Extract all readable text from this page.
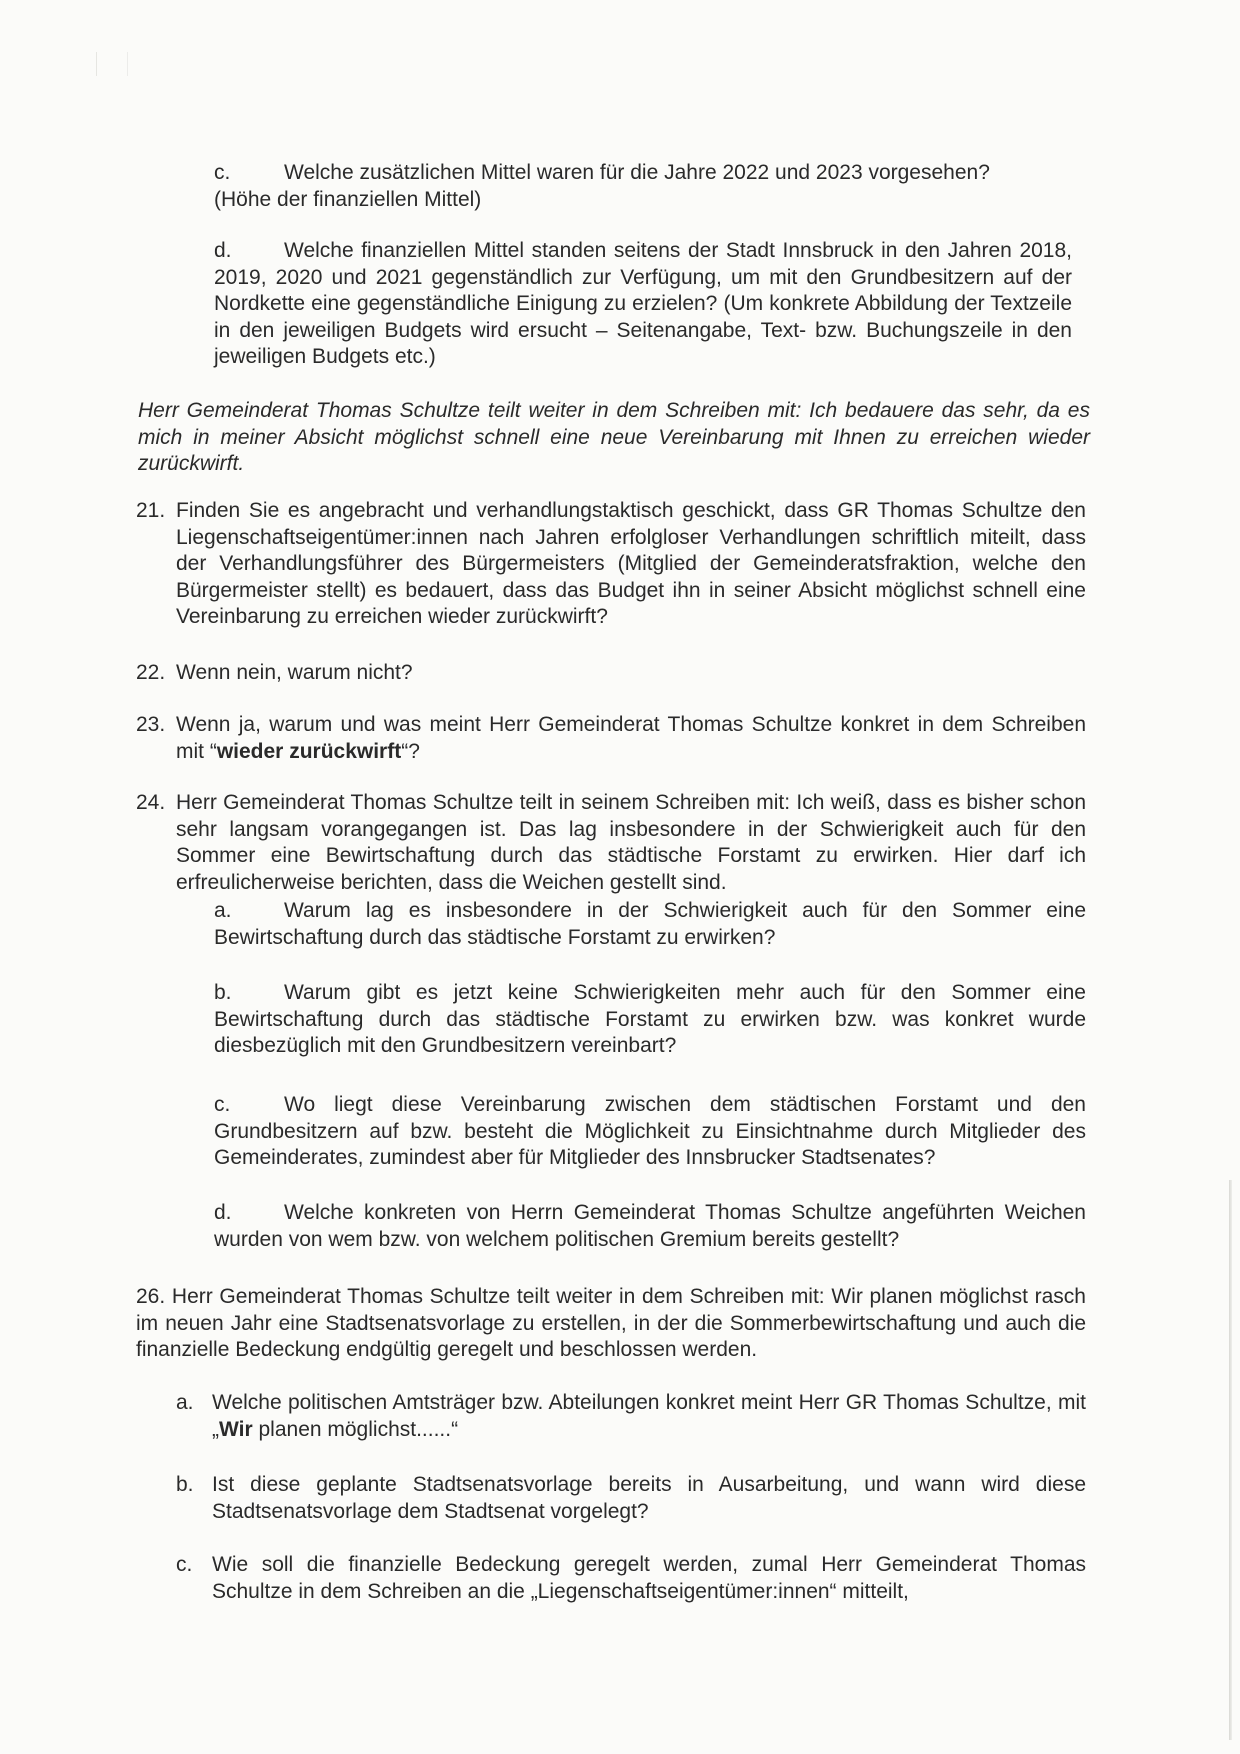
c.	Welche zusätzlichen Mittel waren für die Jahre 2022 und 2023 vorgesehen?
(Höhe der finanziellen Mittel)

d. Welche finanziellen Mittel standen seitens der Stadt Innsbruck in den Jahren 2018, 2019, 2020 und 2021 gegenständlich zur Verfügung, um mit den Grundbesitzern auf der Nordkette eine gegenständliche Einigung zu erzielen? (Um konkrete Abbildung der Textzeile in den jeweiligen Budgets wird ersucht – Seitenangabe, Text- bzw. Buchungszeile in den jeweiligen Budgets etc.)

Herr Gemeinderat Thomas Schultze teilt weiter in dem Schreiben mit: Ich bedauere das sehr, da es mich in meiner Absicht möglichst schnell eine neue Vereinbarung mit Ihnen zu erreichen wieder zurückwirft.

21. Finden Sie es angebracht und verhandlungstaktisch geschickt, dass GR Thomas Schultze den Liegenschaftseigentümer:innen nach Jahren erfolgloser Verhandlungen schriftlich miteilt, dass der Verhandlungsführer des Bürgermeisters (Mitglied der Gemeinderatsfraktion, welche den Bürgermeister stellt) es bedauert, dass das Budget ihn in seiner Absicht möglichst schnell eine Vereinbarung zu erreichen wieder zurückwirft?

22. Wenn nein, warum nicht?

23. Wenn ja, warum und was meint Herr Gemeinderat Thomas Schultze konkret in dem Schreiben mit “wieder zurückwirft“?

24. Herr Gemeinderat Thomas Schultze teilt in seinem Schreiben mit: Ich weiß, dass es bisher schon sehr langsam vorangegangen ist. Das lag insbesondere in der Schwierigkeit auch für den Sommer eine Bewirtschaftung durch das städtische Forstamt zu erwirken. Hier darf ich erfreulicherweise berichten, dass die Weichen gestellt sind.

a. Warum lag es insbesondere in der Schwierigkeit auch für den Sommer eine Bewirtschaftung durch das städtische Forstamt zu erwirken?

b. Warum gibt es jetzt keine Schwierigkeiten mehr auch für den Sommer eine Bewirtschaftung durch das städtische Forstamt zu erwirken bzw. was konkret wurde diesbezüglich mit den Grundbesitzern vereinbart?

c.	Wo liegt diese Vereinbarung zwischen dem städtischen Forstamt und den Grundbesitzern auf bzw. besteht die Möglichkeit zu Einsichtnahme durch Mitglieder des Gemeinderates, zumindest aber für Mitglieder des Innsbrucker Stadtsenates?

d. Welche konkreten von Herrn Gemeinderat Thomas Schultze angeführten Weichen wurden von wem bzw. von welchem politischen Gremium bereits gestellt?

26. Herr Gemeinderat Thomas Schultze teilt weiter in dem Schreiben mit: Wir planen möglichst rasch im neuen Jahr eine Stadtsenatsvorlage zu erstellen, in der die Sommerbewirtschaftung und auch die finanzielle Bedeckung endgültig geregelt und beschlossen werden.

a. Welche politischen Amtsträger bzw. Abteilungen konkret meint Herr GR Thomas Schultze, mit „Wir planen möglichst......“

b. Ist diese geplante Stadtsenatsvorlage bereits in Ausarbeitung, und wann wird diese Stadtsenatsvorlage dem Stadtsenat vorgelegt?

c. Wie soll die finanzielle Bedeckung geregelt werden, zumal Herr Gemeinderat Thomas Schultze in dem Schreiben an die „Liegenschaftseigentümer:innen“ mitteilt,
